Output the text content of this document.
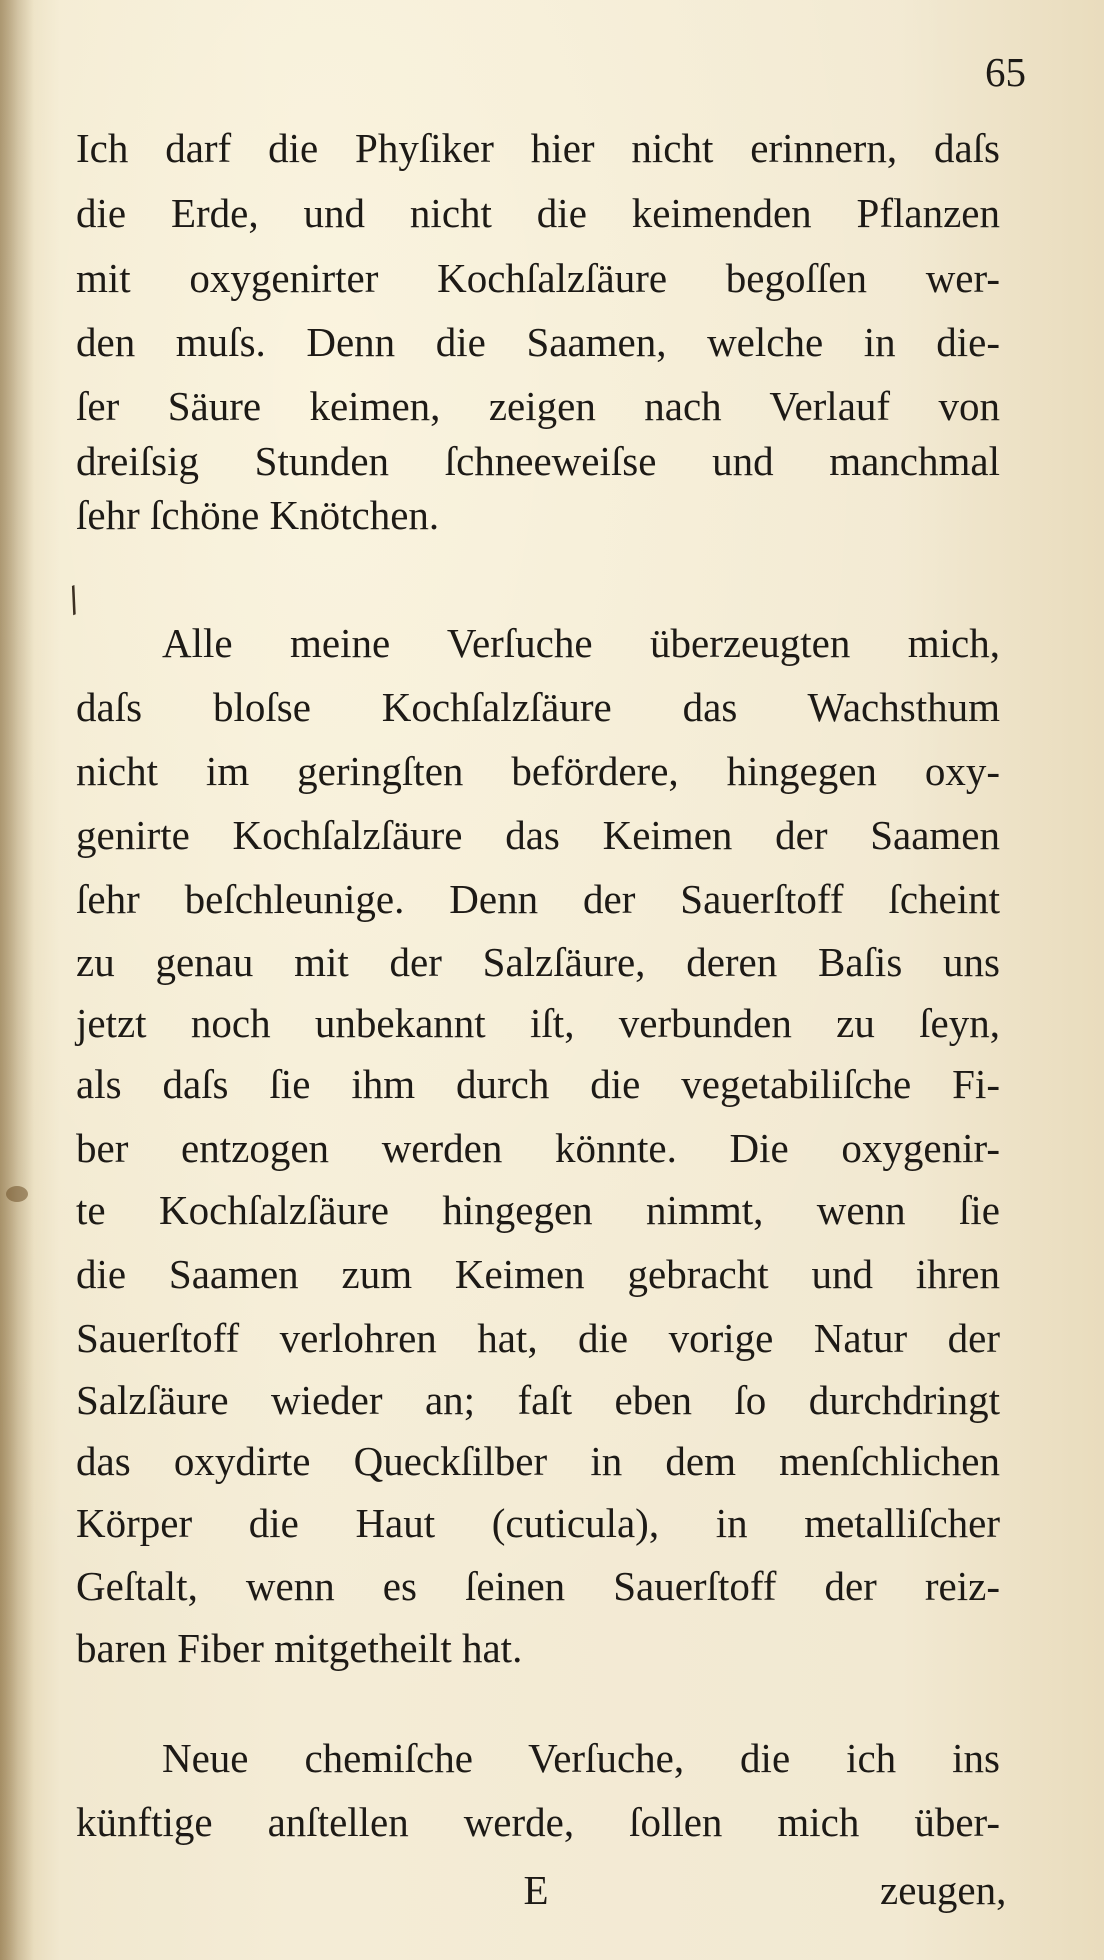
/
65
Ich darf die Phyſiker hier nicht erinnern, daſs
die Erde, und nicht die keimenden Pflanzen
mit oxygenirter Kochſalzſäure begoſſen wer-
den muſs. Denn die Saamen, welche in die-
ſer Säure keimen, zeigen nach Verlauf von
dreiſsig Stunden ſchneeweiſse und manchmal
ſehr ſchöne Knötchen.
Alle meine Verſuche überzeugten mich,
daſs bloſse Kochſalzſäure das Wachsthum
nicht im geringſten befördere, hingegen oxy-
genirte Kochſalzſäure das Keimen der Saamen
ſehr beſchleunige. Denn der Sauerſtoff ſcheint
zu genau mit der Salzſäure, deren Baſis uns
jetzt noch unbekannt iſt, verbunden zu ſeyn,
als daſs ſie ihm durch die vegetabiliſche Fi-
ber entzogen werden könnte. Die oxygenir-
te Kochſalzſäure hingegen nimmt, wenn ſie
die Saamen zum Keimen gebracht und ihren
Sauerſtoff verlohren hat, die vorige Natur der
Salzſäure wieder an; faſt eben ſo durchdringt
das oxydirte Queckſilber in dem menſchlichen
Körper die Haut (cuticula), in metalliſcher
Geſtalt, wenn es ſeinen Sauerſtoff der reiz-
baren Fiber mitgetheilt hat.
Neue chemiſche Verſuche, die ich ins
künftige anſtellen werde, ſollen mich über-
E	zeugen,
